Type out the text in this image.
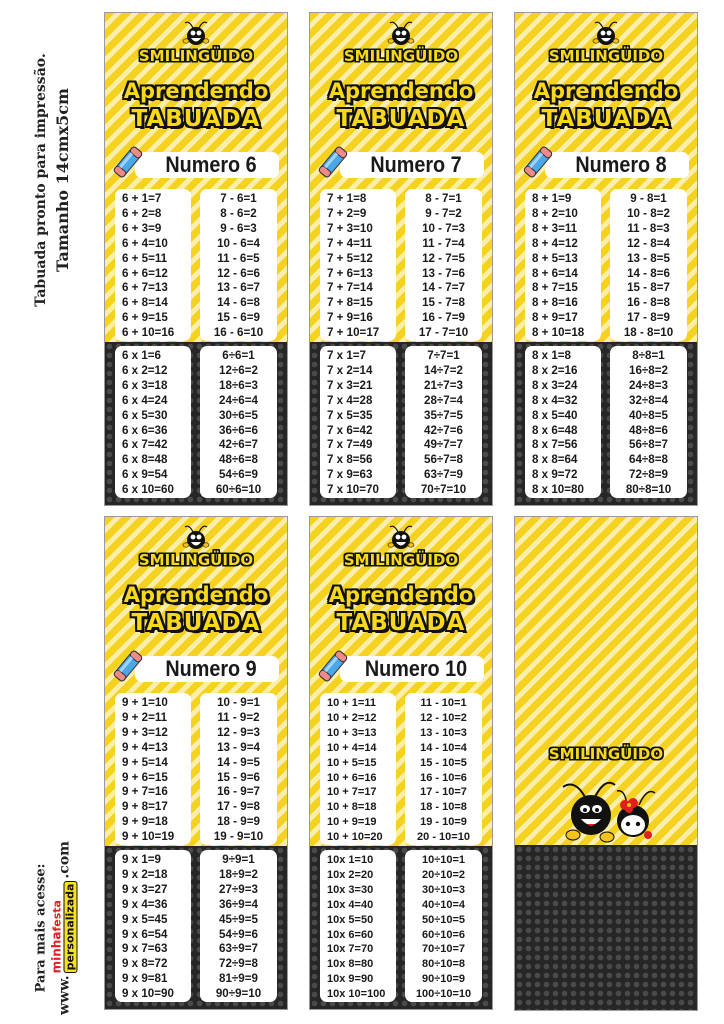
Tabuada pronto para impressão. Tamanho 14cmx5cm
Para mais acesse:
www.
minhafesta personalizada
.com
SMILINGÜIDO
Aprendendo
TABUADA
Numero 6
6 + 1=7
6 + 2=8
6 + 3=9
6 + 4=10
6 + 5=11
6 + 6=12
6 + 7=13
6 + 8=14
6 + 9=15
6 + 10=16
7 - 6=1
8 - 6=2
9 - 6=3
10 - 6=4
11 - 6=5
12 - 6=6
13 - 6=7
14 - 6=8
15 - 6=9
16 - 6=10
6 x 1=6
6 x 2=12
6 x 3=18
6 x 4=24
6 x 5=30
6 x 6=36
6 x 7=42
6 x 8=48
6 x 9=54
6 x 10=60
6÷6=1
12÷6=2
18÷6=3
24÷6=4
30÷6=5
36÷6=6
42÷6=7
48÷6=8
54÷6=9
60÷6=10
SMILINGÜIDO
Aprendendo
TABUADA
Numero 7
7 + 1=8
7 + 2=9
7 + 3=10
7 + 4=11
7 + 5=12
7 + 6=13
7 + 7=14
7 + 8=15
7 + 9=16
7 + 10=17
8 - 7=1
9 - 7=2
10 - 7=3
11 - 7=4
12 - 7=5
13 - 7=6
14 - 7=7
15 - 7=8
16 - 7=9
17 - 7=10
7 x 1=7
7 x 2=14
7 x 3=21
7 x 4=28
7 x 5=35
7 x 6=42
7 x 7=49
7 x 8=56
7 x 9=63
7 x 10=70
7÷7=1
14÷7=2
21÷7=3
28÷7=4
35÷7=5
42÷7=6
49÷7=7
56÷7=8
63÷7=9
70÷7=10
SMILINGÜIDO
Aprendendo
TABUADA
Numero 8
8 + 1=9
8 + 2=10
8 + 3=11
8 + 4=12
8 + 5=13
8 + 6=14
8 + 7=15
8 + 8=16
8 + 9=17
8 + 10=18
9 - 8=1
10 - 8=2
11 - 8=3
12 - 8=4
13 - 8=5
14 - 8=6
15 - 8=7
16 - 8=8
17 - 8=9
18 - 8=10
8 x 1=8
8 x 2=16
8 x 3=24
8 x 4=32
8 x 5=40
8 x 6=48
8 x 7=56
8 x 8=64
8 x 9=72
8 x 10=80
8÷8=1
16÷8=2
24÷8=3
32÷8=4
40÷8=5
48÷8=6
56÷8=7
64÷8=8
72÷8=9
80÷8=10
SMILINGÜIDO
Aprendendo
TABUADA
Numero 9
9 + 1=10
9 + 2=11
9 + 3=12
9 + 4=13
9 + 5=14
9 + 6=15
9 + 7=16
9 + 8=17
9 + 9=18
9 + 10=19
10 - 9=1
11 - 9=2
12 - 9=3
13 - 9=4
14 - 9=5
15 - 9=6
16 - 9=7
17 - 9=8
18 - 9=9
19 - 9=10
9 x 1=9
9 x 2=18
9 x 3=27
9 x 4=36
9 x 5=45
9 x 6=54
9 x 7=63
9 x 8=72
9 x 9=81
9 x 10=90
9÷9=1
18÷9=2
27÷9=3
36÷9=4
45÷9=5
54÷9=6
63÷9=7
72÷9=8
81÷9=9
90÷9=10
SMILINGÜIDO
Aprendendo
TABUADA
Numero 10
10 + 1=11
10 + 2=12
10 + 3=13
10 + 4=14
10 + 5=15
10 + 6=16
10 + 7=17
10 + 8=18
10 + 9=19
10 + 10=20
11 - 10=1
12 - 10=2
13 - 10=3
14 - 10=4
15 - 10=5
16 - 10=6
17 - 10=7
18 - 10=8
19 - 10=9
20 - 10=10
10x 1=10
10x 2=20
10x 3=30
10x 4=40
10x 5=50
10x 6=60
10x 7=70
10x 8=80
10x 9=90
10x 10=100
10÷10=1
20÷10=2
30÷10=3
40÷10=4
50÷10=5
60÷10=6
70÷10=7
80÷10=8
90÷10=9
100÷10=10
SMILINGÜIDO
